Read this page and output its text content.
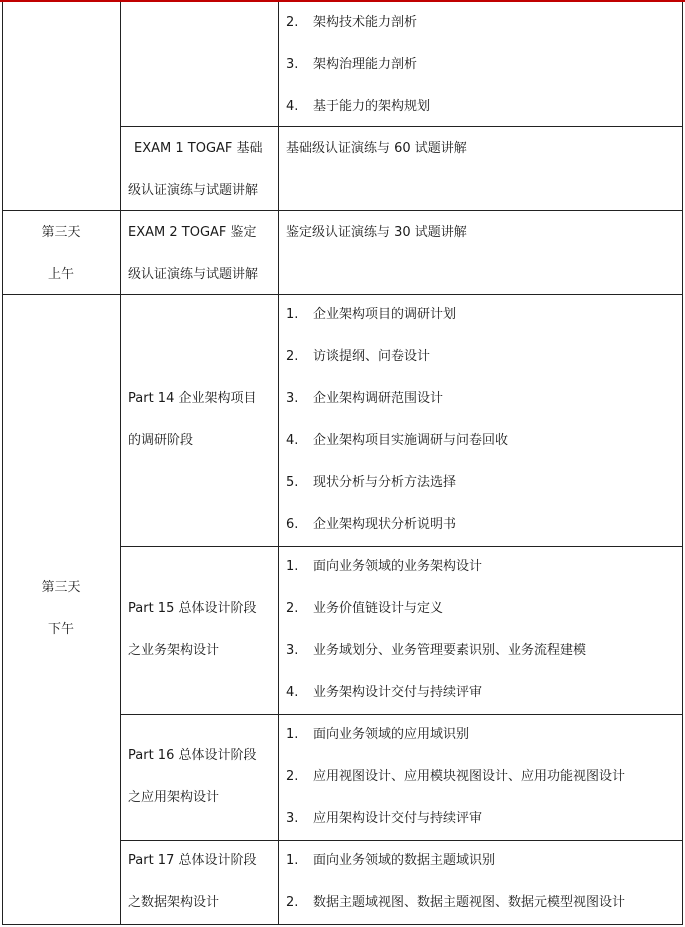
2. 架构技术能力剖析
3. 架构治理能力剖析
4. 基于能力的架构规划
EXAM 1 TOGAF 基础
级认证演练与试题讲解
基础级认证演练与 60 试题讲解
第三天
上午
EXAM 2 TOGAF 鉴定
级认证演练与试题讲解
鉴定级认证演练与 30 试题讲解
第三天
下午
Part 14 企业架构项目
的调研阶段
1. 企业架构项目的调研计划
2. 访谈提纲、问卷设计
3. 企业架构调研范围设计
4. 企业架构项目实施调研与问卷回收
5. 现状分析与分析方法选择
6. 企业架构现状分析说明书
Part 15 总体设计阶段
之业务架构设计
1. 面向业务领域的业务架构设计
2. 业务价值链设计与定义
3. 业务域划分、业务管理要素识别、业务流程建模
4. 业务架构设计交付与持续评审
Part 16 总体设计阶段
之应用架构设计
1. 面向业务领域的应用域识别
2. 应用视图设计、应用模块视图设计、应用功能视图设计
3. 应用架构设计交付与持续评审
Part 17 总体设计阶段
之数据架构设计
1. 面向业务领域的数据主题域识别
2. 数据主题域视图、数据主题视图、数据元模型视图设计
